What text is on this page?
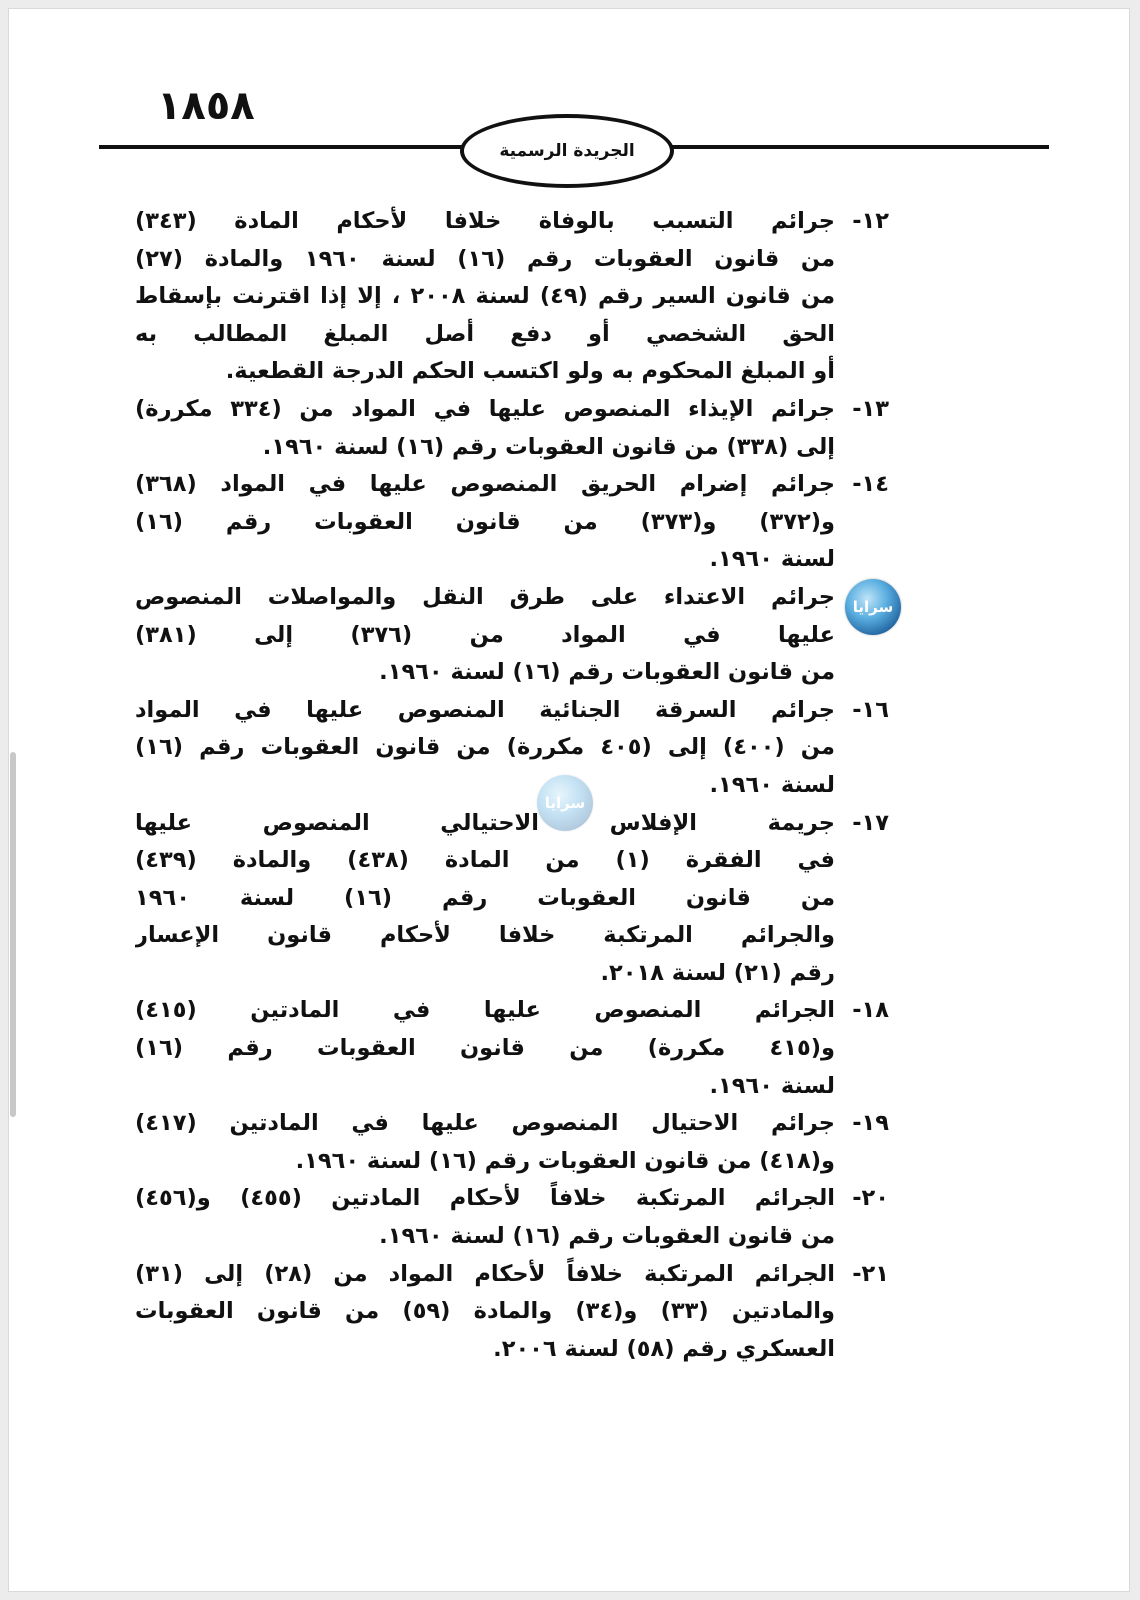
١٨٥٨
الجريدة الرسمية
١٢-
جرائم التسبب بالوفاة خلافا لأحكام المادة (٣٤٣)
من قانون العقوبات رقم (١٦) لسنة ١٩٦٠ والمادة (٢٧)
من قانون السير رقم (٤٩) لسنة ٢٠٠٨ ، إلا إذا اقترنت بإسقاط
الحق الشخصي أو دفع أصل المبلغ المطالب به
أو المبلغ المحكوم به ولو اكتسب الحكم الدرجة القطعية.
١٣-
جرائم الإيذاء المنصوص عليها في المواد من (٣٣٤ مكررة)
إلى (٣٣٨) من قانون العقوبات رقم (١٦) لسنة ١٩٦٠.
١٤-
جرائم إضرام الحريق المنصوص عليها في المواد (٣٦٨)
و(٣٧٢) و(٣٧٣) من قانون العقوبات رقم (١٦)
لسنة ١٩٦٠.
جرائم الاعتداء على طرق النقل والمواصلات المنصوص
عليها في المواد من (٣٧٦) إلى (٣٨١)
من قانون العقوبات رقم (١٦) لسنة ١٩٦٠.
١٦-
جرائم السرقة الجنائية المنصوص عليها في المواد
من (٤٠٠) إلى (٤٠٥ مكررة) من قانون العقوبات رقم (١٦)
لسنة ١٩٦٠.
١٧-
جريمة الإفلاس الاحتيالي المنصوص عليها
في الفقرة (١) من المادة (٤٣٨) والمادة (٤٣٩)
من قانون العقوبات رقم (١٦) لسنة ١٩٦٠
والجرائم المرتكبة خلافا لأحكام قانون الإعسار
رقم (٢١) لسنة ٢٠١٨.
١٨-
الجرائم المنصوص عليها في المادتين (٤١٥)
و(٤١٥ مكررة) من قانون العقوبات رقم (١٦)
لسنة ١٩٦٠.
١٩-
جرائم الاحتيال المنصوص عليها في المادتين (٤١٧)
و(٤١٨) من قانون العقوبات رقم (١٦) لسنة ١٩٦٠.
٢٠-
الجرائم المرتكبة خلافاً لأحكام المادتين (٤٥٥) و(٤٥٦)
من قانون العقوبات رقم (١٦) لسنة ١٩٦٠.
٢١-
الجرائم المرتكبة خلافاً لأحكام المواد من (٢٨) إلى (٣١)
والمادتين (٣٣) و(٣٤) والمادة (٥٩) من قانون العقوبات
العسكري رقم (٥٨) لسنة ٢٠٠٦.
سرايا
سرايا
